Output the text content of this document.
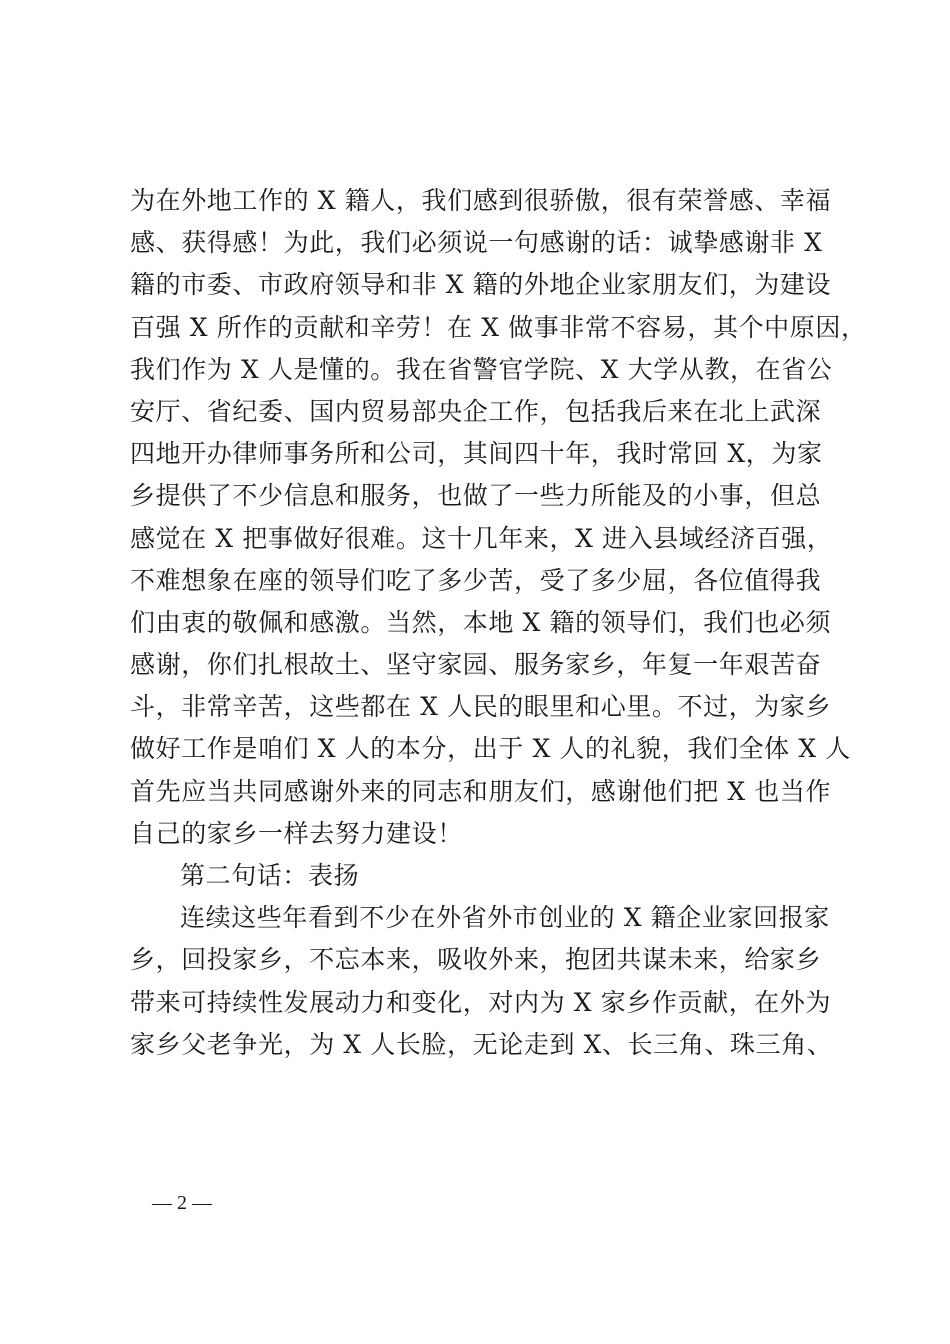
为在外地工作的 X 籍人，我们感到很骄傲，很有荣誉感、幸福
感、获得感！为此，我们必须说一句感谢的话：诚挚感谢非 X
籍的市委、市政府领导和非 X 籍的外地企业家朋友们，为建设
百强 X 所作的贡献和辛劳！在 X 做事非常不容易，其个中原因，
我们作为 X 人是懂的。我在省警官学院、X 大学从教，在省公
安厅、省纪委、国内贸易部央企工作，包括我后来在北上武深
四地开办律师事务所和公司，其间四十年，我时常回 X，为家
乡提供了不少信息和服务，也做了一些力所能及的小事，但总
感觉在 X 把事做好很难。这十几年来，X 进入县域经济百强，
不难想象在座的领导们吃了多少苦，受了多少屈，各位值得我
们由衷的敬佩和感激。当然，本地 X 籍的领导们，我们也必须
感谢，你们扎根故土、坚守家园、服务家乡，年复一年艰苦奋
斗，非常辛苦，这些都在 X 人民的眼里和心里。不过，为家乡
做好工作是咱们 X 人的本分，出于 X 人的礼貌，我们全体 X 人
首先应当共同感谢外来的同志和朋友们，感谢他们把 X 也当作
自己的家乡一样去努力建设！
第二句话：表扬
连续这些年看到不少在外省外市创业的 X 籍企业家回报家
乡，回投家乡，不忘本来，吸收外来，抱团共谋未来，给家乡
带来可持续性发展动力和变化，对内为 X 家乡作贡献，在外为
家乡父老争光，为 X 人长脸，无论走到 X、长三角、珠三角、
— 2 —
